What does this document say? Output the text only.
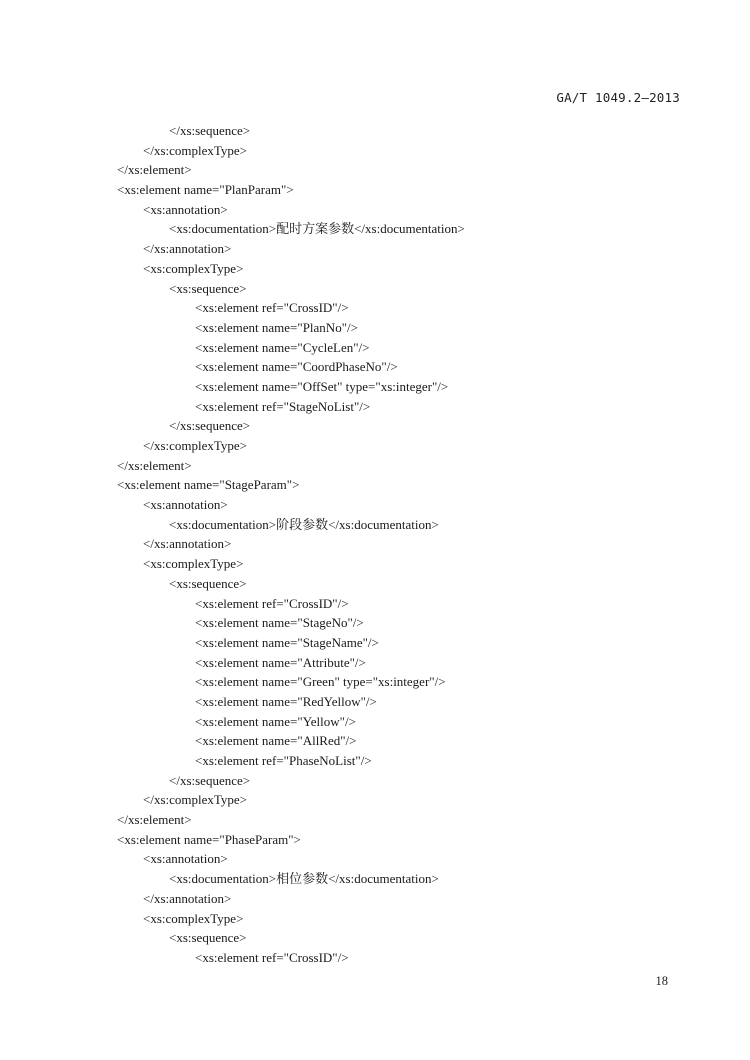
GA/T 1049.2—2013
</xs:sequence>
</xs:complexType>
</xs:element>
<xs:element name="PlanParam">
<xs:annotation>
<xs:documentation>配时方案参数</xs:documentation>
</xs:annotation>
<xs:complexType>
<xs:sequence>
<xs:element ref="CrossID"/>
<xs:element name="PlanNo"/>
<xs:element name="CycleLen"/>
<xs:element name="CoordPhaseNo"/>
<xs:element name="OffSet" type="xs:integer"/>
<xs:element ref="StageNoList"/>
</xs:sequence>
</xs:complexType>
</xs:element>
<xs:element name="StageParam">
<xs:annotation>
<xs:documentation>阶段参数</xs:documentation>
</xs:annotation>
<xs:complexType>
<xs:sequence>
<xs:element ref="CrossID"/>
<xs:element name="StageNo"/>
<xs:element name="StageName"/>
<xs:element name="Attribute"/>
<xs:element name="Green" type="xs:integer"/>
<xs:element name="RedYellow"/>
<xs:element name="Yellow"/>
<xs:element name="AllRed"/>
<xs:element ref="PhaseNoList"/>
</xs:sequence>
</xs:complexType>
</xs:element>
<xs:element name="PhaseParam">
<xs:annotation>
<xs:documentation>相位参数</xs:documentation>
</xs:annotation>
<xs:complexType>
<xs:sequence>
<xs:element ref="CrossID"/>
18
